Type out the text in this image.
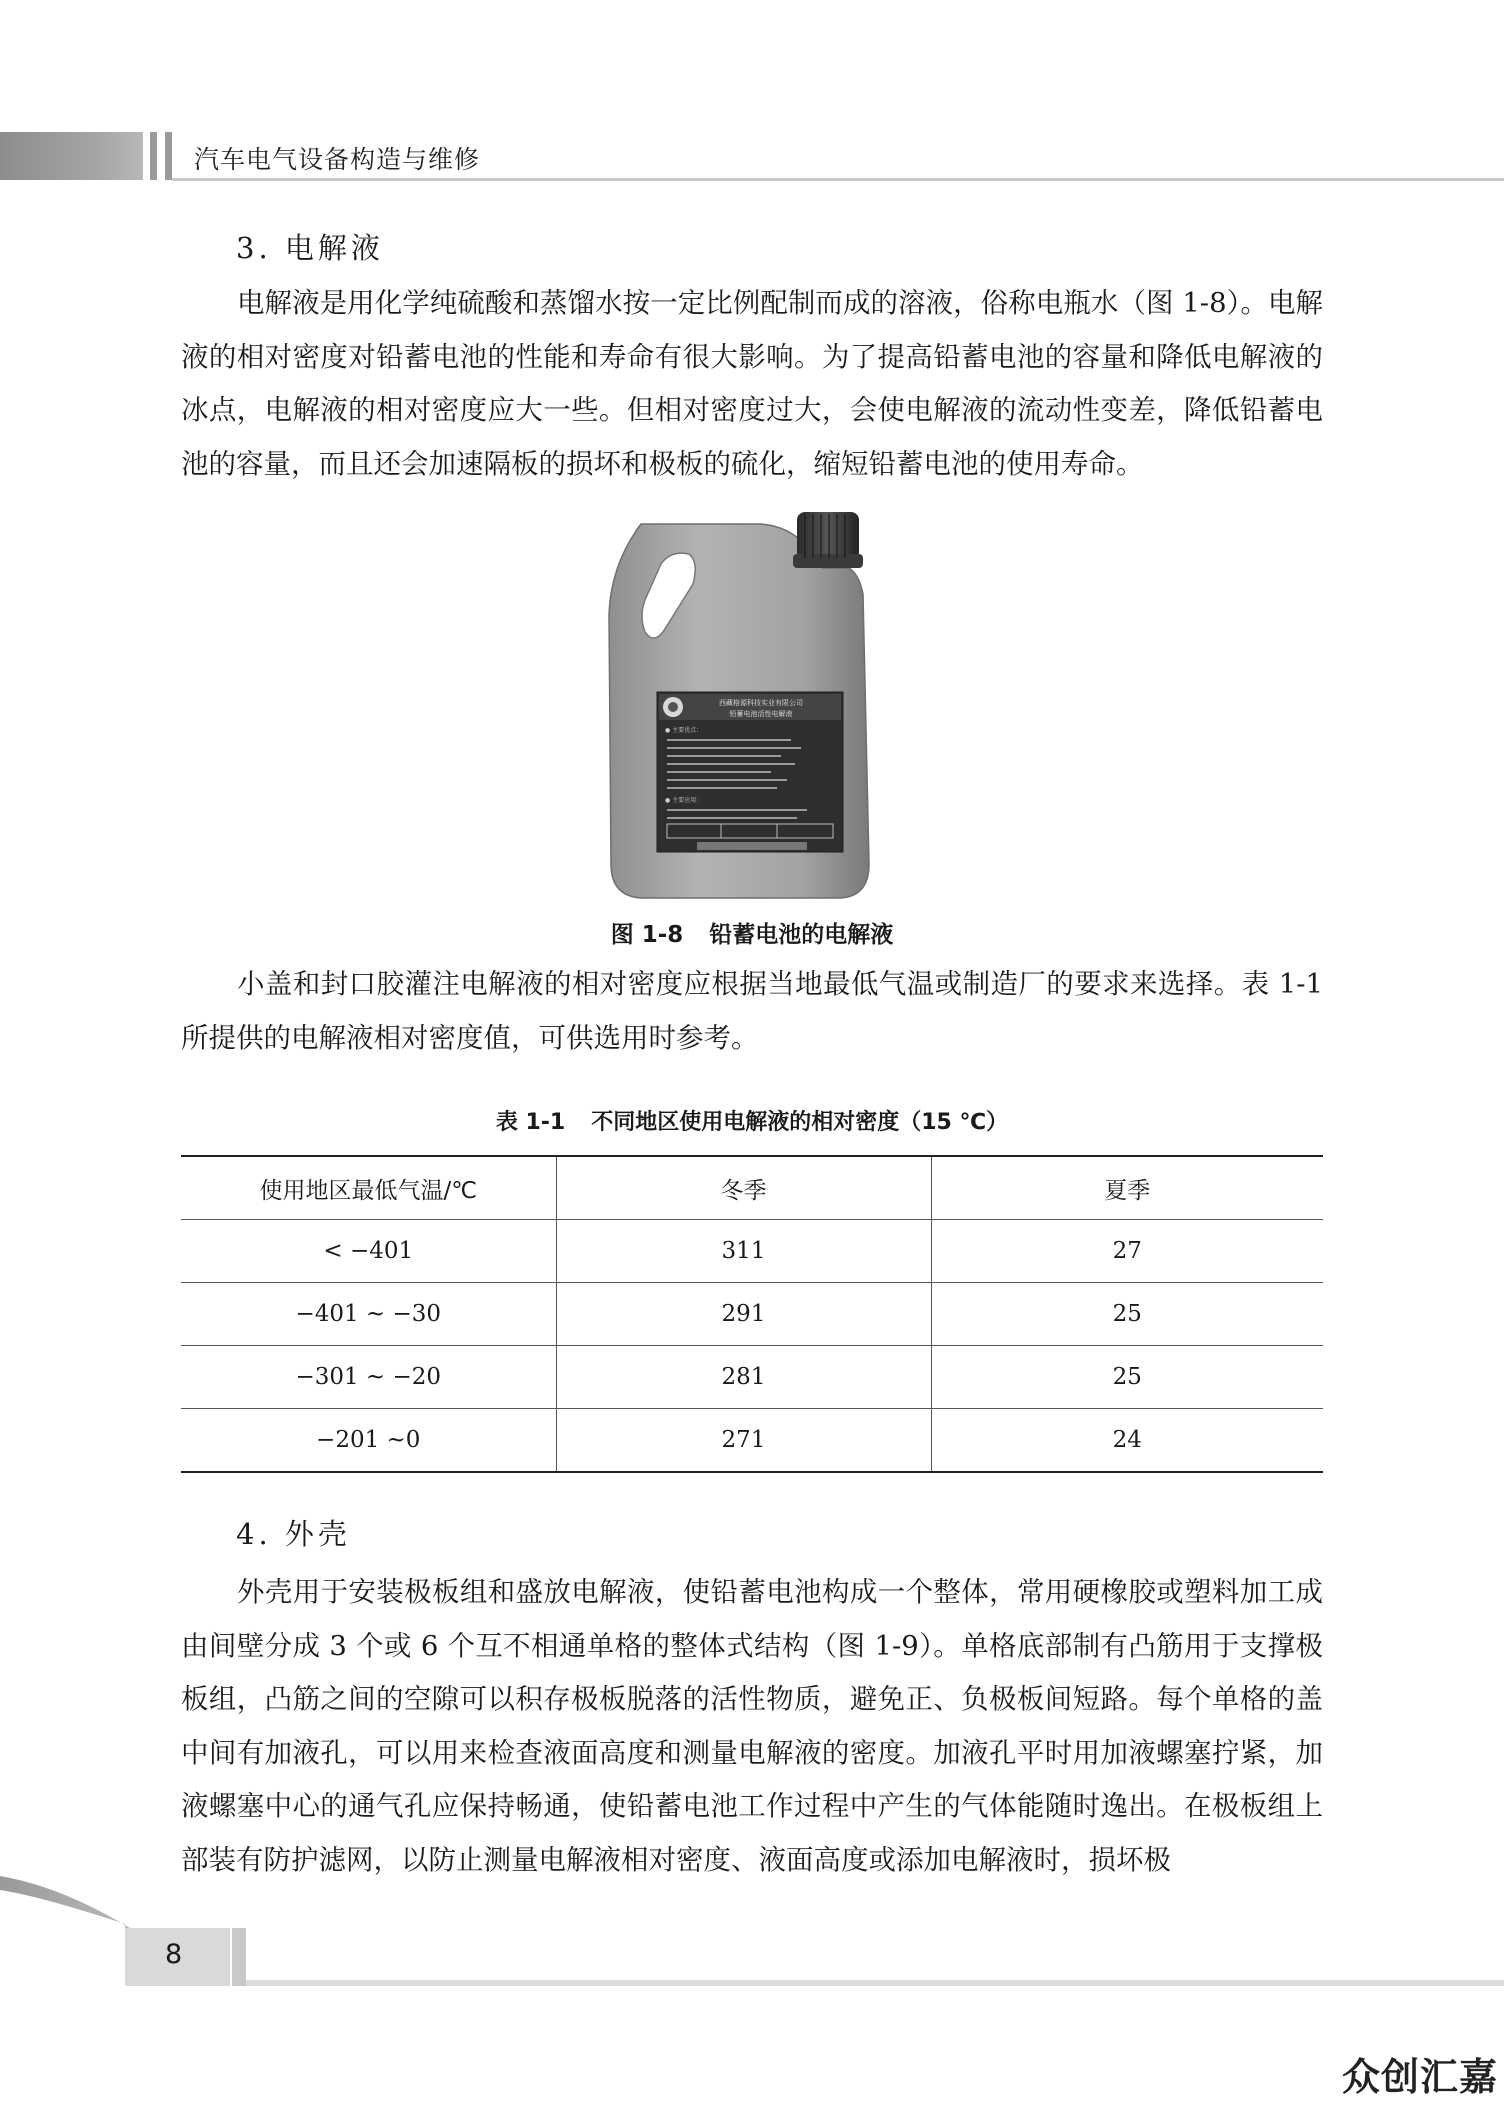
汽车电气设备构造与维修
3. 电解液

电解液是用化学纯硫酸和蒸馏水按一定比例配制而成的溶液，俗称电瓶水（图 1-8）。电解液的相对密度对铅蓄电池的性能和寿命有很大影响。为了提高铅蓄电池的容量和降低电解液的冰点，电解液的相对密度应大一些。但相对密度过大，会使电解液的流动性变差，降低铅蓄电池的容量，而且还会加速隔板的损坏和极板的硫化，缩短铅蓄电池的使用寿命。

西藏格源科技实业有限公司
铅蓄电池活性电解液
● 主要优点：
● 主要应用：
图 1-8 铅蓄电池的电解液

小盖和封口胶灌注电解液的相对密度应根据当地最低气温或制造厂的要求来选择。表 1-1 所提供的电解液相对密度值，可供选用时参考。

表 1-1 不同地区使用电解液的相对密度（15 ℃）
使用地区最低气温/℃	冬季	夏季
< −401	311	27
−401 ~ −30	291	25
−301 ~ −20	281	25
−201 ~0	271	24
4. 外壳

外壳用于安装极板组和盛放电解液，使铅蓄电池构成一个整体，常用硬橡胶或塑料加工成由间壁分成 3 个或 6 个互不相通单格的整体式结构（图 1-9）。单格底部制有凸筋用于支撑极板组，凸筋之间的空隙可以积存极板脱落的活性物质，避免正、负极板间短路。每个单格的盖中间有加液孔，可以用来检查液面高度和测量电解液的密度。加液孔平时用加液螺塞拧紧，加液螺塞中心的通气孔应保持畅通，使铅蓄电池工作过程中产生的气体能随时逸出。在极板组上部装有防护滤网，以防止测量电解液相对密度、液面高度或添加电解液时，损坏极

8
众创汇嘉
